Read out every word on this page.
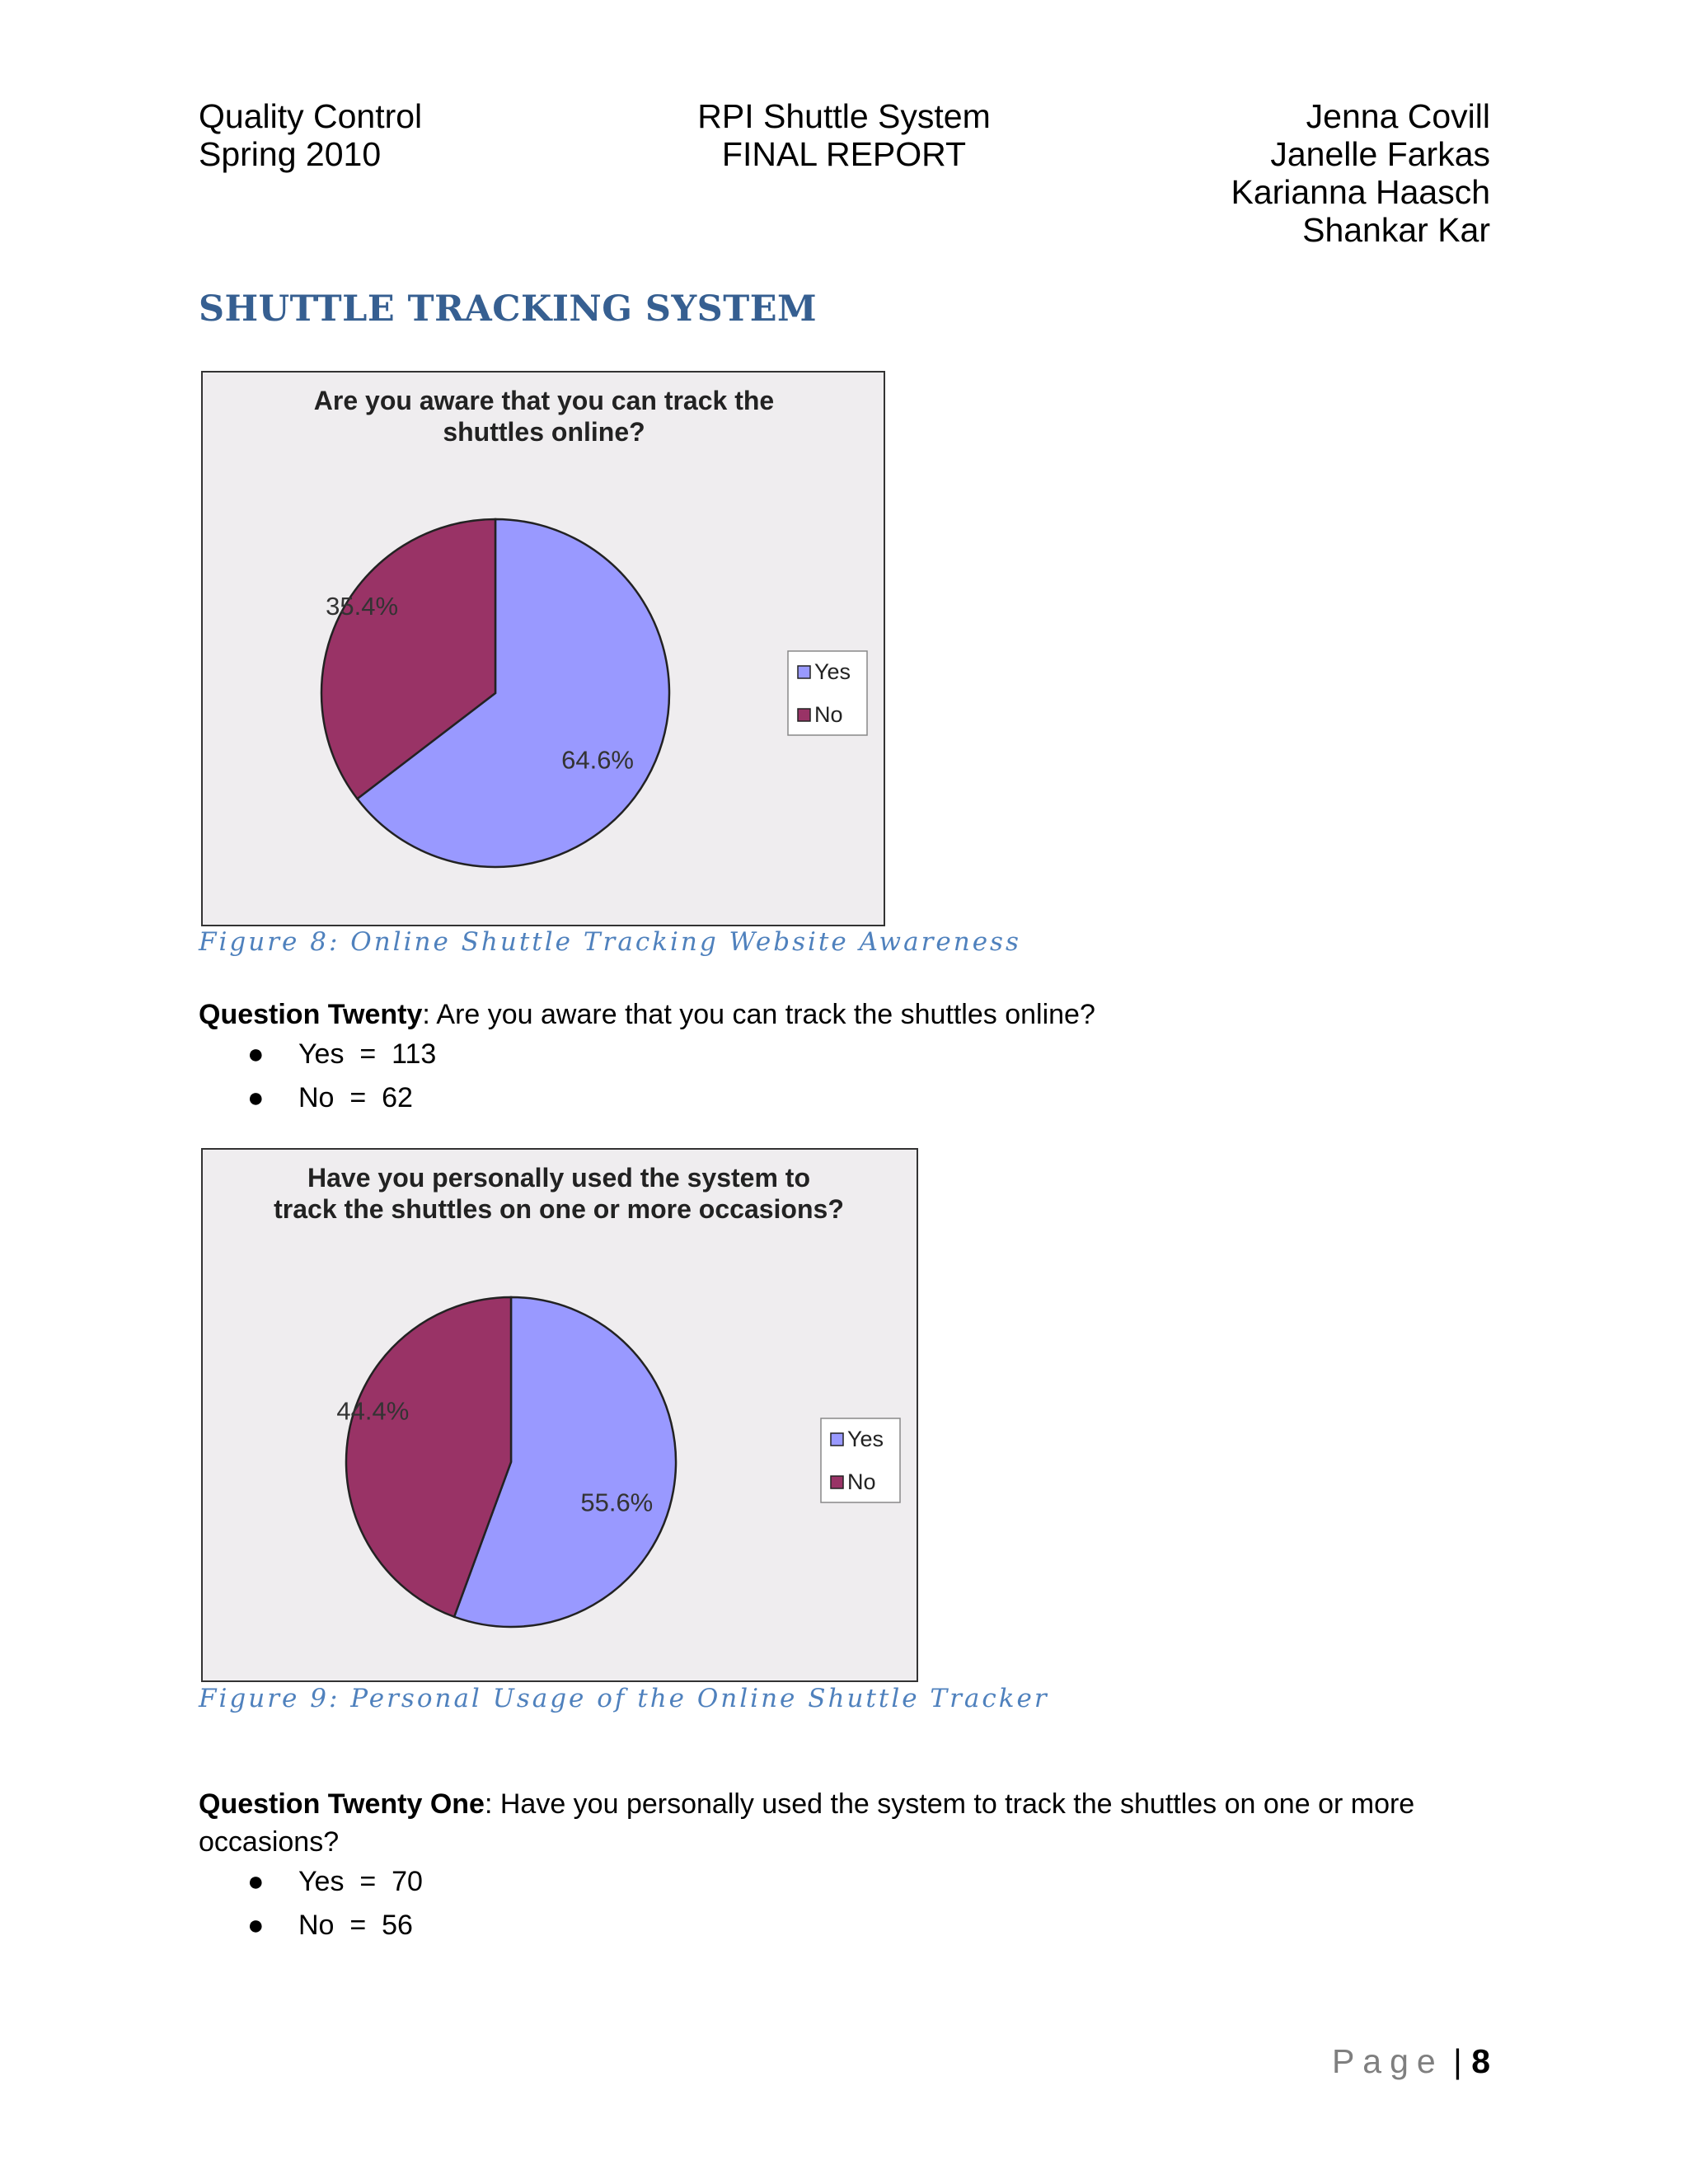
Quality Control
Spring 2010
RPI Shuttle System
FINAL REPORT
Jenna Covill
Janelle Farkas
Karianna Haasch
Shankar Kar
SHUTTLE TRACKING SYSTEM
Are you aware that you can track the
shuttles online?
64.6%
35.4%
Yes
No
Figure 8: Online Shuttle Tracking Website Awareness
Question Twenty: Are you aware that you can track the shuttles online?
● Yes  =  113
● No  =  62
Have you personally used the system to
track the shuttles on one or more occasions?
55.6%
44.4%
Yes
No
Figure 9: Personal Usage of the Online Shuttle Tracker
Question Twenty One: Have you personally used the system to track the shuttles on one or more occasions?
● Yes  =  70
● No  =  56
Page | 8
